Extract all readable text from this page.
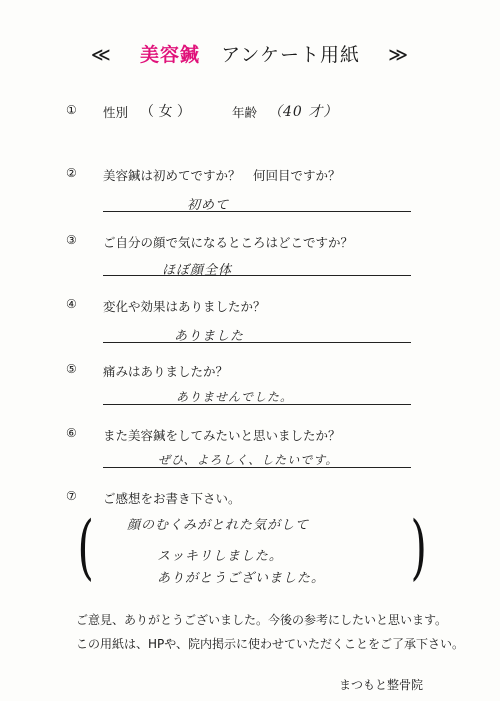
≪ 美容鍼 アンケート用紙 ≫
① 性別 （ 女 ）	年齢 （40 才）
② 美容鍼は初めてですか？　何回目ですか？
初めて
③ ご自分の顔で気になるところはどこですか？
ほぼ顔全体
④ 変化や効果はありましたか？
ありました
⑤ 痛みはありましたか？
ありませんでした。
⑥ また美容鍼をしてみたいと思いましたか？
ぜひ、よろしく、したいです。
⑦ ご感想をお書き下さい。
(	)
顔のむくみがとれた気がして
スッキリしました。
ありがとうございました。
ご意見、ありがとうございました。今後の参考にしたいと思います。
この用紙は、HPや、院内掲示に使わせていただくことをご了承下さい。
まつもと整骨院
